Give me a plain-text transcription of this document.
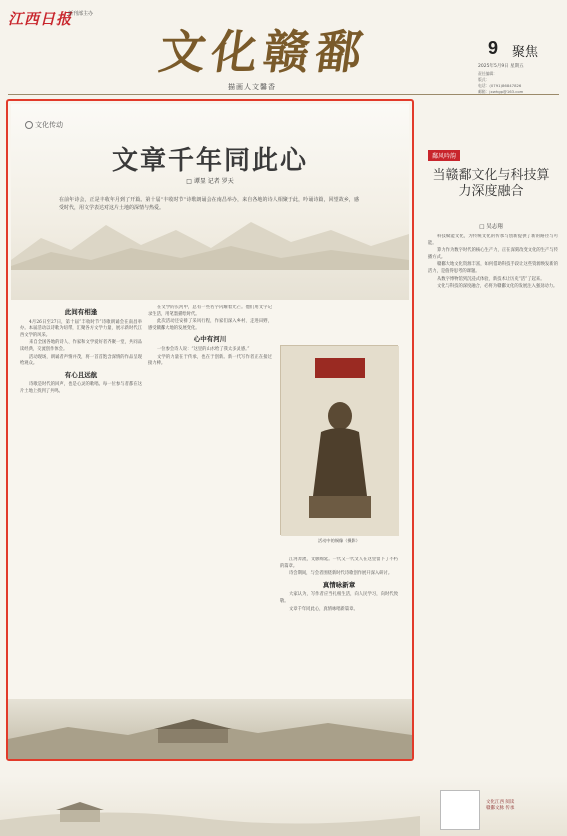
江西日报
新刊部主办
文化赣鄱
描画人文馨香
9 聚焦
2025年5月9日 星期五
责任编辑：
版式：
电话：(0791)86847826
邮箱：jxwhgp@163.com
文化传动
文章千年同此心
□ 谭显 记者 罗天
在前年诗会，正是丰收年月到了开篇。第十届“丰收时节”诗歌朗诵会在南昌举办，来自各地的诗人相聚于此，吟诵诗篇，回望故乡，感受时代，用文学表达对这片土地的深情与热爱。
此间有相逢

4月26日至27日，第十届“丰收时节”诗歌朗诵会在南昌举办。本届活动以诗歌为纽带，汇聚各方文学力量，展示新时代江西文学的风采。

来自全国各地的诗人、作家和文学爱好者齐聚一堂，共同品读经典，交流创作体会。

活动现场，朗诵者声情并茂，将一首首饱含深情的作品呈现给观众。

有心且远航

诗歌是时代的回声，也是心灵的歌唱。每一位参与者都在这片土地上找到了共鸣。

在文学的长河中，总有一些名字闪耀着光芒。他们用文字记录生活，用笔墨描绘时代。

此次活动还安排了采风行程，作家们深入乡村、走进田野，感受赣鄱大地的发展变化。

心中有河川

一位参会诗人说：“这里的山水给了我太多灵感。”

文学的力量在于传承，也在于创新。新一代写作者正在接过接力棒。

活动中的铜像（摄影）

江河奔流，文脉绵延。一代又一代文人在这里留下了不朽的篇章。

诗会期间，与会者围绕新时代诗歌创作展开深入研讨。

真情咏新章

大家认为，写作者应当扎根生活，向人民学习，向时代致敬。

文章千年同此心，真情咏唱新篇章。

鄱风吟韵
当赣鄱文化与科技算力深度融合
□ 吴志翔

科技赋能文化，为传统文化的传承与创新提供了新的路径与可能。

算力作为数字时代的核心生产力，正在深刻改变文化的生产与传播方式。

赣鄱大地文化资源丰富，如何借助科技手段让这些资源焕发新的活力，是值得思考的课题。

从数字博物馆到沉浸式体验，新技术让历史“活”了起来。

文化与科技的深度融合，必将为赣鄱文化的发展注入强劲动力。

文化江西 阅读
赣鄱文脉 传承
